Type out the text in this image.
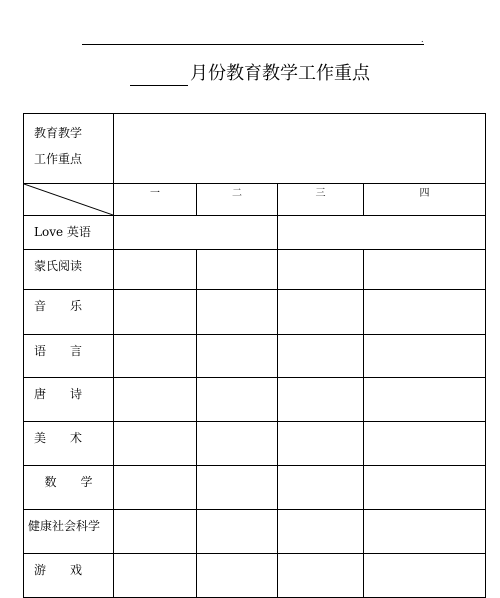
.
月份教育教学工作重点
教育教学
工作重点				

	一	二	三	四
Love 英语				
蒙氏阅读				
音　　乐				
语　　言				
唐　　诗				
美　　术				
数　　学				
健康社会科学				
游　　戏				
